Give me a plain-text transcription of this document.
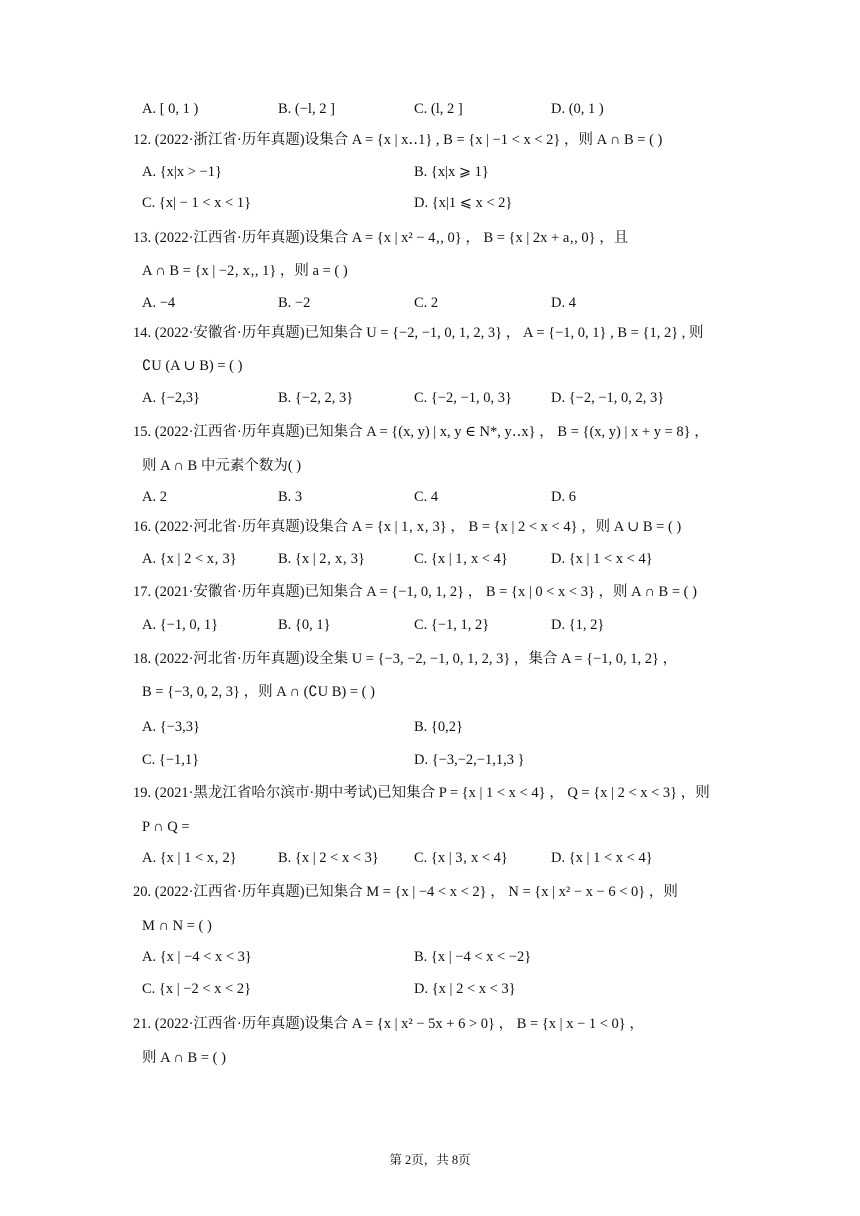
A. [ 0, 1 )	B. (−l, 2 ]	C. (l, 2 ]	D. (0, 1 )
12. (2022·浙江省·历年真题)设集合 A = {x | x‥1} , B = {x | −1 < x < 2} ，则 A ∩ B = ( )
A. {x|x > −1}	B. {x|x ⩾ 1}
C. {x| − 1 < x < 1}	D. {x|1 ⩽ x < 2}
13. (2022·江西省·历年真题)设集合 A = {x | x² − 4‚, 0} ， B = {x | 2x + a‚, 0} ，且
A ∩ B = {x | −2‚ x‚, 1} ，则 a = ( )
A. −4	B. −2	C. 2	D. 4
14. (2022·安徽省·历年真题)已知集合 U = {−2, −1, 0, 1, 2, 3} ， A = {−1, 0, 1} , B = {1, 2} , 则
∁U (A ∪ B) = ( )
A. {−2,3}	B. {−2, 2, 3}	C. {−2, −1, 0, 3}	D. {−2, −1, 0, 2, 3}
15. (2022·江西省·历年真题)已知集合 A = {(x, y) | x, y ∈ N*, y‥x} ， B = {(x, y) | x + y = 8} ，
则 A ∩ B 中元素个数为( )
A. 2	B. 3	C. 4	D. 6
16. (2022·河北省·历年真题)设集合 A = {x | 1‚ x‚ 3} ， B = {x | 2 < x < 4} ，则 A ∪ B = ( )
A. {x | 2 < x‚ 3}	B. {x | 2‚ x‚ 3}	C. {x | 1‚ x < 4}	D. {x | 1 < x < 4}
17. (2021·安徽省·历年真题)已知集合 A = {−1, 0, 1, 2} ， B = {x | 0 < x < 3} ，则 A ∩ B = ( )
A. {−1, 0, 1}	B. {0, 1}	C. {−1, 1, 2}	D. {1, 2}
18. (2022·河北省·历年真题)设全集 U = {−3, −2, −1, 0, 1, 2, 3} ，集合 A = {−1, 0, 1, 2} ，
B = {−3, 0, 2, 3} ，则 A ∩ (∁U B) = ( )
A. {−3,3}	B. {0,2}
C. {−1,1}	D. {−3,−2,−1,1,3 }
19. (2021·黑龙江省哈尔滨市·期中考试)已知集合 P = {x | 1 < x < 4} ， Q = {x | 2 < x < 3} ，则
P ∩ Q =
A. {x | 1 < x‚ 2}	B. {x | 2 < x < 3} C. {x | 3‚ x < 4}	D. {x | 1 < x < 4}
20. (2022·江西省·历年真题)已知集合 M = {x | −4 < x < 2} ， N = {x | x² − x − 6 < 0} ，则
M ∩ N = ( )
A. {x | −4 < x < 3}	B. {x | −4 < x < −2}
C. {x | −2 < x < 2}	D. {x | 2 < x < 3}
21. (2022·江西省·历年真题)设集合 A = {x | x² − 5x + 6 > 0} ， B = {x | x − 1 < 0} ，
则 A ∩ B = ( )
第 2页，共 8页
